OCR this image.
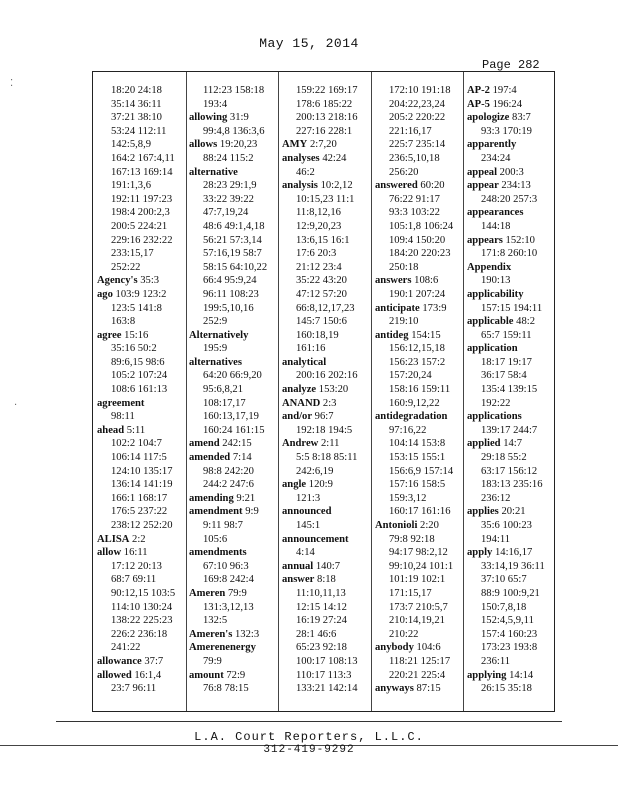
May 15, 2014
Page 282
⁚
·
18:20 24:18
35:14 36:11
37:21 38:10
53:24 112:11
142:5,8,9
164:2 167:4,11
167:13 169:14
191:1,3,6
192:11 197:23
198:4 200:2,3
200:5 224:21
229:16 232:22
233:15,17
252:22
Agency's 35:3
ago 103:9 123:2
123:5 141:8
163:8
agree 15:16
35:16 50:2
89:6,15 98:6
105:2 107:24
108:6 161:13
agreement
98:11
ahead 5:11
102:2 104:7
106:14 117:5
124:10 135:17
136:14 141:19
166:1 168:17
176:5 237:22
238:12 252:20
ALISA 2:2
allow 16:11
17:12 20:13
68:7 69:11
90:12,15 103:5
114:10 130:24
138:22 225:23
226:2 236:18
241:22
allowance 37:7
allowed 16:1,4
23:7 96:11
112:23 158:18
193:4
allowing 31:9
99:4,8 136:3,6
allows 19:20,23
88:24 115:2
alternative
28:23 29:1,9
33:22 39:22
47:7,19,24
48:6 49:1,4,18
56:21 57:3,14
57:16,19 58:7
58:15 64:10,22
66:4 95:9,24
96:11 108:23
199:5,10,16
252:9
Alternatively
195:9
alternatives
64:20 66:9,20
95:6,8,21
108:17,17
160:13,17,19
160:24 161:15
amend 242:15
amended 7:14
98:8 242:20
244:2 247:6
amending 9:21
amendment 9:9
9:11 98:7
105:6
amendments
67:10 96:3
169:8 242:4
Ameren 79:9
131:3,12,13
132:5
Ameren's 132:3
Amerenenergy
79:9
amount 72:9
76:8 78:15
159:22 169:17
178:6 185:22
200:13 218:16
227:16 228:1
AMY 2:7,20
analyses 42:24
46:2
analysis 10:2,12
10:15,23 11:1
11:8,12,16
12:9,20,23
13:6,15 16:1
17:6 20:3
21:12 23:4
35:22 43:20
47:12 57:20
66:8,12,17,23
145:7 150:6
160:18,19
161:16
analytical
200:16 202:16
analyze 153:20
ANAND 2:3
and/or 96:7
192:18 194:5
Andrew 2:11
5:5 8:18 85:11
242:6,19
angle 120:9
121:3
announced
145:1
announcement
4:14
annual 140:7
answer 8:18
11:10,11,13
12:15 14:12
16:19 27:24
28:1 46:6
65:23 92:18
100:17 108:13
110:17 113:3
133:21 142:14
172:10 191:18
204:22,23,24
205:2 220:22
221:16,17
225:7 235:14
236:5,10,18
256:20
answered 60:20
76:22 91:17
93:3 103:22
105:1,8 106:24
109:4 150:20
184:20 220:23
250:18
answers 108:6
190:1 207:24
anticipate 173:9
219:10
antideg 154:15
156:12,15,18
156:23 157:2
157:20,24
158:16 159:11
160:9,12,22
antidegradation
97:16,22
104:14 153:8
153:15 155:1
156:6,9 157:14
157:16 158:5
159:3,12
160:17 161:16
Antonioli 2:20
79:8 92:18
94:17 98:2,12
99:10,24 101:1
101:19 102:1
171:15,17
173:7 210:5,7
210:14,19,21
210:22
anybody 104:6
118:21 125:17
220:21 225:4
anyways 87:15
AP-2 197:4
AP-5 196:24
apologize 83:7
93:3 170:19
apparently
234:24
appeal 200:3
appear 234:13
248:20 257:3
appearances
144:18
appears 152:10
171:8 260:10
Appendix
190:13
applicability
157:15 194:11
applicable 48:2
65:7 159:11
application
18:17 19:17
36:17 58:4
135:4 139:15
192:22
applications
139:17 244:7
applied 14:7
29:18 55:2
63:17 156:12
183:13 235:16
236:12
applies 20:21
35:6 100:23
194:11
apply 14:16,17
33:14,19 36:11
37:10 65:7
88:9 100:9,21
150:7,8,18
152:4,5,9,11
157:4 160:23
173:23 193:8
236:11
applying 14:14
26:15 35:18
L.A. Court Reporters, L.L.C.
312-419-9292
